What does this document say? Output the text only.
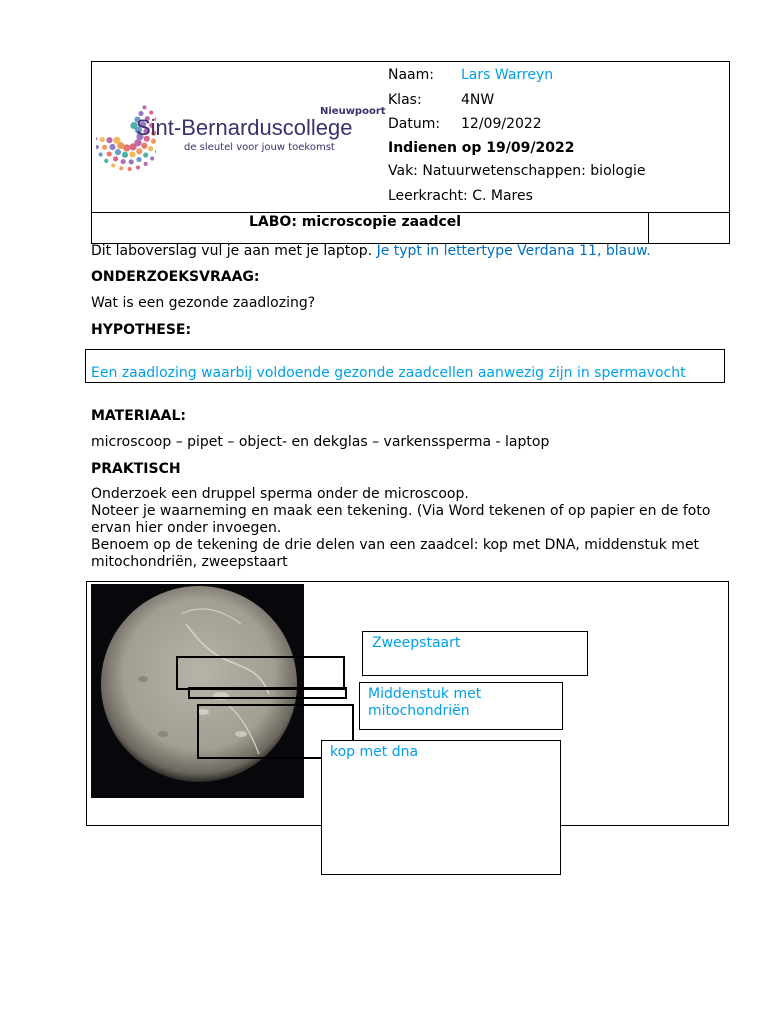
Nieuwpoort
Sint-Bernarduscollege
de sleutel voor jouw toekomst
Naam: Lars Warreyn
Klas:	4NW
Datum: 12/09/2022
Indienen op 19/09/2022
Vak: Natuurwetenschappen: biologie
Leerkracht: C. Mares
LABO: microscopie zaadcel
Dit laboverslag vul je aan met je laptop. Je typt in lettertype Verdana 11, blauw.
ONDERZOEKSVRAAG:
Wat is een gezonde zaadlozing?
HYPOTHESE:
Een zaadlozing waarbij voldoende gezonde zaadcellen aanwezig zijn in spermavocht
MATERIAAL:
microscoop – pipet – object- en dekglas – varkenssperma - laptop
PRAKTISCH
Onderzoek een druppel sperma onder de microscoop.
Noteer je waarneming en maak een tekening. (Via Word tekenen of op papier en de foto ervan hier onder invoegen.
Benoem op de tekening de drie delen van een zaadcel: kop met DNA, middenstuk met mitochondriën, zweepstaart
Zweepstaart
Middenstuk met mitochondriën
kop met dna
